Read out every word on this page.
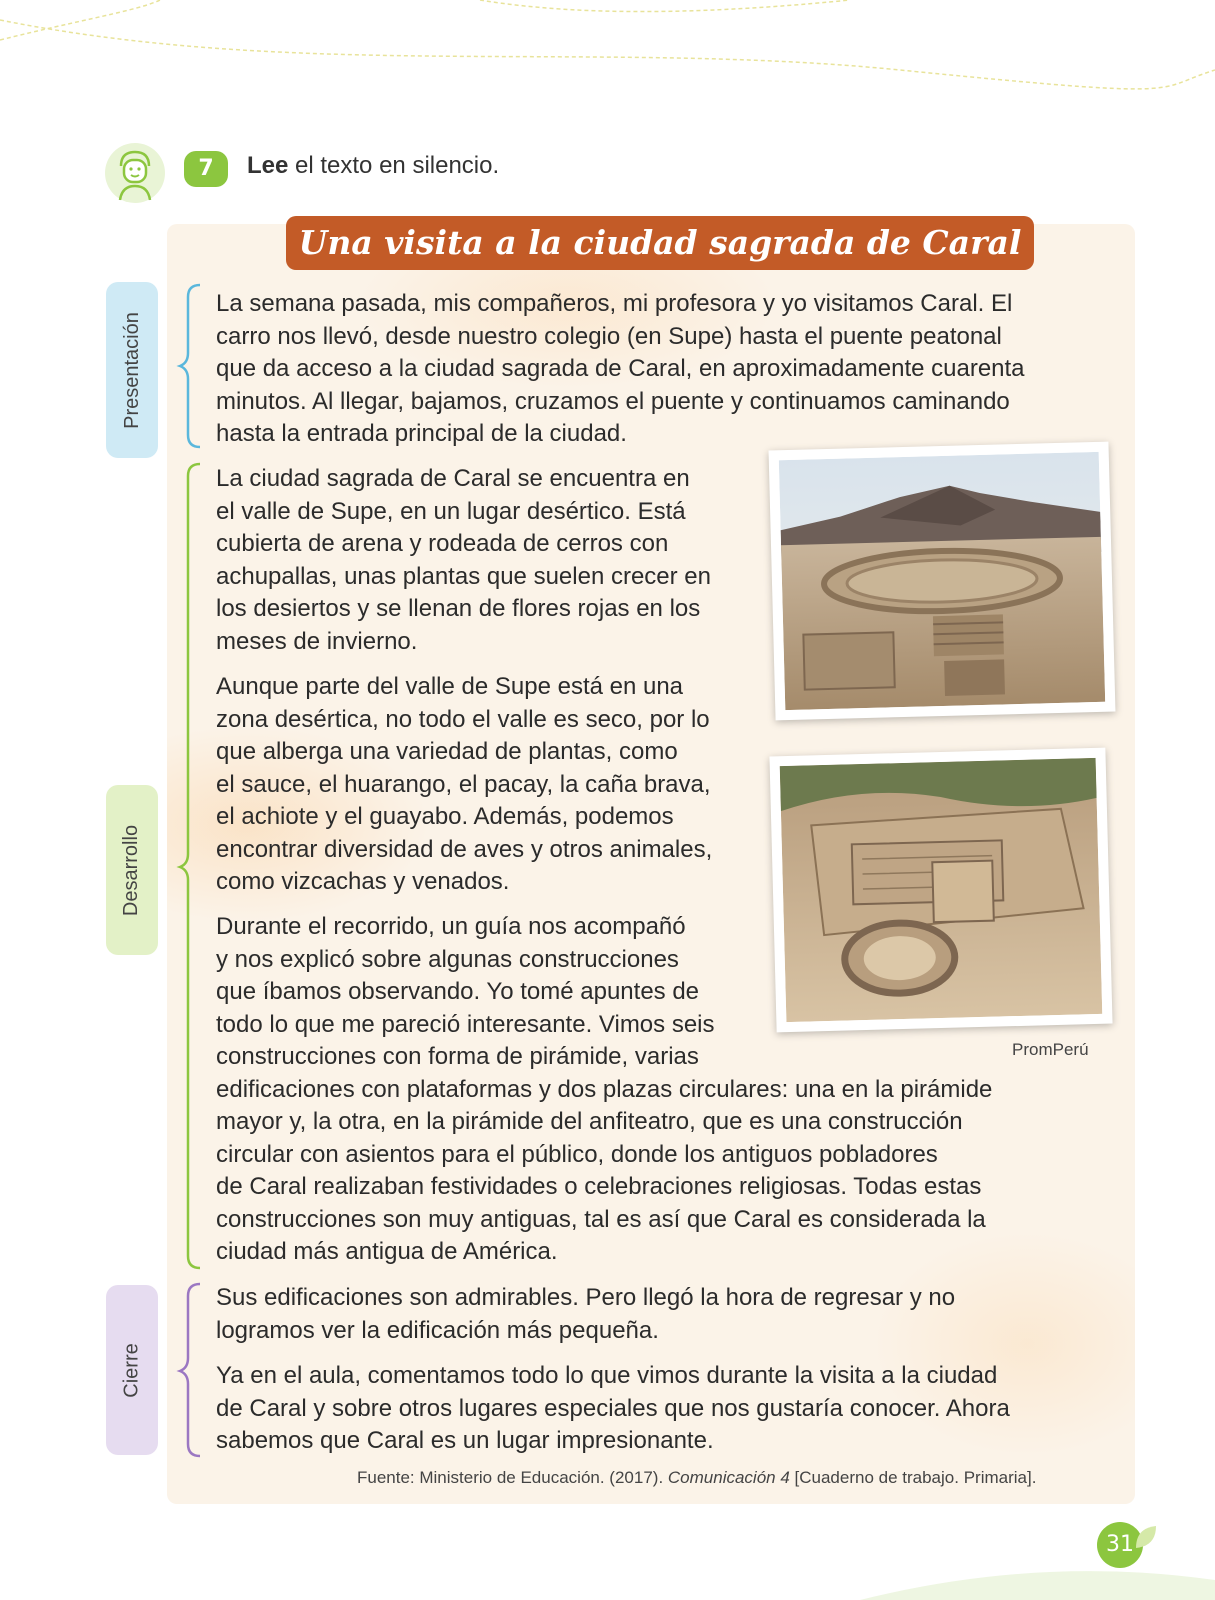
7	Lee el texto en silencio.
Una visita a la ciudad sagrada de Caral
Presentación
Desarrollo
Cierre
La semana pasada, mis compañeros, mi profesora y yo visitamos Caral. El
carro nos llevó, desde nuestro colegio (en Supe) hasta el puente peatonal
que da acceso a la ciudad sagrada de Caral, en aproximadamente cuarenta
minutos. Al llegar, bajamos, cruzamos el puente y continuamos caminando
hasta la entrada principal de la ciudad.
La ciudad sagrada de Caral se encuentra en
el valle de Supe, en un lugar desértico. Está
cubierta de arena y rodeada de cerros con
achupallas, unas plantas que suelen crecer en
los desiertos y se llenan de flores rojas en los
meses de invierno.
Aunque parte del valle de Supe está en una
zona desértica, no todo el valle es seco, por lo
que alberga una variedad de plantas, como
el sauce, el huarango, el pacay, la caña brava,
el achiote y el guayabo. Además, podemos
encontrar diversidad de aves y otros animales,
como vizcachas y venados.
Durante el recorrido, un guía nos acompañó
y nos explicó sobre algunas construcciones
que íbamos observando. Yo tomé apuntes de
todo lo que me pareció interesante. Vimos seis
construcciones con forma de pirámide, varias
edificaciones con plataformas y dos plazas circulares: una en la pirámide
mayor y, la otra, en la pirámide del anfiteatro, que es una construcción
circular con asientos para el público, donde los antiguos pobladores
de Caral realizaban festividades o celebraciones religiosas. Todas estas
construcciones son muy antiguas, tal es así que Caral es considerada la
ciudad más antigua de América.
Sus edificaciones son admirables. Pero llegó la hora de regresar y no
logramos ver la edificación más pequeña.
Ya en el aula, comentamos todo lo que vimos durante la visita a la ciudad
de Caral y sobre otros lugares especiales que nos gustaría conocer. Ahora
sabemos que Caral es un lugar impresionante.
PromPerú
Fuente: Ministerio de Educación. (2017). Comunicación 4 [Cuaderno de trabajo. Primaria].
31
